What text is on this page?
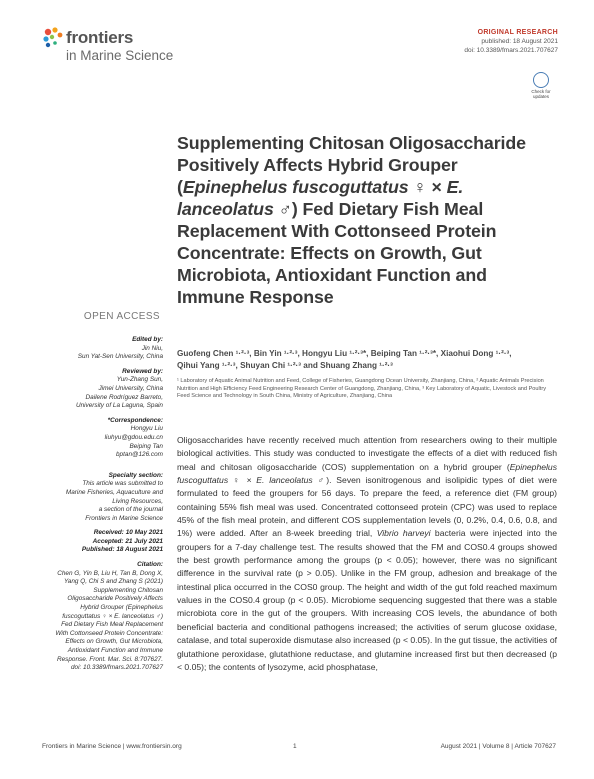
frontiers
in Marine Science
ORIGINAL RESEARCH
published: 18 August 2021
doi: 10.3389/fmars.2021.707627
Check for updates
Supplementing Chitosan Oligosaccharide Positively Affects Hybrid Grouper (Epinephelus fuscoguttatus ♀ × E. lanceolatus ♂) Fed Dietary Fish Meal Replacement With Cottonseed Protein Concentrate: Effects on Growth, Gut Microbiota, Antioxidant Function and Immune Response
OPEN ACCESS
Edited by:
Jin Niu,
Sun Yat-Sen University, China
Reviewed by:
Yun-Zhang Sun,
Jimei University, China
Dailene Rodríguez Barreto,
University of La Laguna, Spain
*Correspondence:
Hongyu Liu
liuhyu@gdou.edu.cn
Beiping Tan
bptan@126.com
Specialty section:
This article was submitted to
Marine Fisheries, Aquaculture and
Living Resources,
a section of the journal
Frontiers in Marine Science
Received: 10 May 2021
Accepted: 21 July 2021
Published: 18 August 2021
Citation:
Chen G, Yin B, Liu H, Tan B, Dong X,
Yang Q, Chi S and Zhang S (2021)
Supplementing Chitosan
Oligosaccharide Positively Affects
Hybrid Grouper (Epinephelus
fuscoguttatus ♀ × E. lanceolatus ♂)
Fed Dietary Fish Meal Replacement
With Cottonseed Protein Concentrate:
Effects on Growth, Gut Microbiota,
Antioxidant Function and Immune
Response. Front. Mar. Sci. 8:707627.
doi: 10.3389/fmars.2021.707627
Guofeng Chen ¹·²·³, Bin Yin ¹·²·³, Hongyu Liu ¹·²·³*, Beiping Tan ¹·²·³*, Xiaohui Dong ¹·²·³,
Qihui Yang ¹·²·³, Shuyan Chi ¹·²·³ and Shuang Zhang ¹·²·³
¹ Laboratory of Aquatic Animal Nutrition and Feed, College of Fisheries, Guangdong Ocean University, Zhanjiang, China, ² Aquatic Animals Precision Nutrition and High Efficiency Feed Engineering Research Center of Guangdong, Zhanjiang, China, ³ Key Laboratory of Aquatic, Livestock and Poultry Feed Science and Technology in South China, Ministry of Agriculture, Zhanjiang, China
Oligosaccharides have recently received much attention from researchers owing to their multiple biological activities. This study was conducted to investigate the effects of a diet with reduced fish meal and chitosan oligosaccharide (COS) supplementation on a hybrid grouper (Epinephelus fuscoguttatus ♀ × E. lanceolatus ♂). Seven isonitrogenous and isolipidic types of diet were formulated to feed the groupers for 56 days. To prepare the feed, a reference diet (FM group) containing 55% fish meal was used. Concentrated cottonseed protein (CPC) was used to replace 45% of the fish meal protein, and different COS supplementation levels (0, 0.2%, 0.4, 0.6, 0.8, and 1%) were added. After an 8-week breeding trial, Vibrio harveyi bacteria were injected into the groupers for a 7-day challenge test. The results showed that the FM and COS0.4 groups showed the best growth performance among the groups (p < 0.05); however, there was no significant difference in the survival rate (p > 0.05). Unlike in the FM group, adhesion and breakage of the intestinal plica occurred in the COS0 group. The height and width of the gut fold reached maximum values in the COS0.4 group (p < 0.05). Microbiome sequencing suggested that there was a stable microbiota core in the gut of the groupers. With increasing COS levels, the abundance of both beneficial bacteria and conditional pathogens increased; the activities of serum glucose oxidase, catalase, and total superoxide dismutase also increased (p < 0.05). In the gut tissue, the activities of glutathione peroxidase, glutathione reductase, and glutamine increased first but then decreased (p < 0.05); the contents of lysozyme, acid phosphatase,
Frontiers in Marine Science | www.frontiersin.org	1	August 2021 | Volume 8 | Article 707627
